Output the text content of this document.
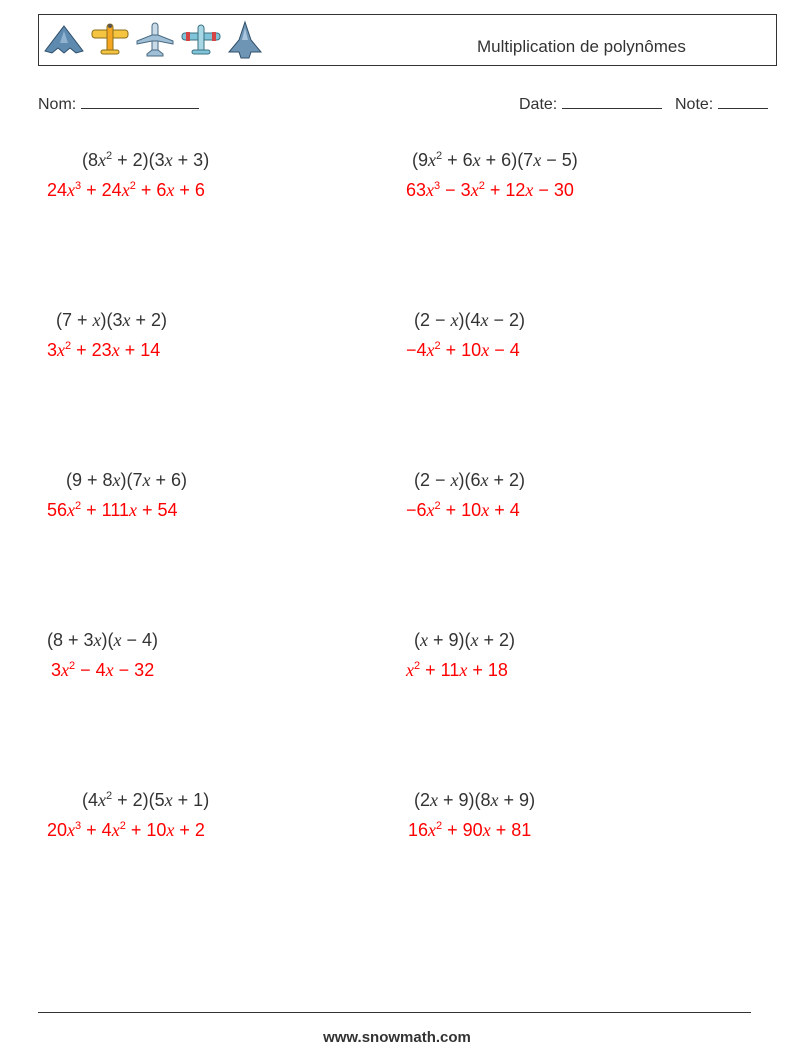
Multiplication de polynômes
Nom:	Date:	Note:
$(8x^2 + 2)(3x + 3)$
$24x^3 + 24x^2 + 6x + 6$
$(9x^2 + 6x + 6)(7x - 5)$
$63x^3 - 3x^2 + 12x - 30$
(7 + x)(3x + 2)
$3x^2 + 23x + 14$
(2 − x)(4x − 2)
$-4x^2 + 10x - 4$
(9 + 8x)(7x + 6)
$56x^2 + 111x + 54$
(2 − x)(6x + 2)
$-6x^2 + 10x + 4$
(8 + 3x)(x − 4)
$3x^2 - 4x - 32$
(x + 9)(x + 2)
$x^2 + 11x + 18$
$(4x^2 + 2)(5x + 1)$
$20x^3 + 4x^2 + 10x + 2$
(2x + 9)(8x + 9)
$16x^2 + 90x + 81$
www.snowmath.com
